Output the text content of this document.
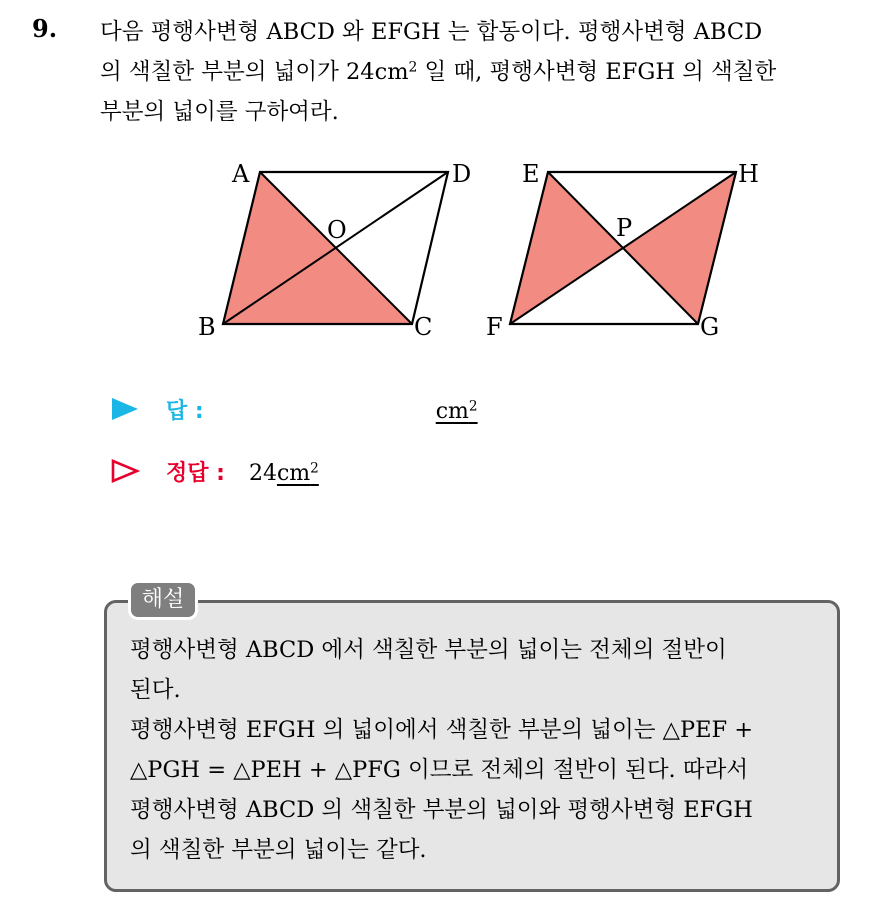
9. 다음 평행사변형 ABCD 와 EFGH 는 합동이다. 평행사변형 ABCD

의 색칠한 부분의 넓이가 $24cm^2$ 일 때, 평행사변형 EFGH 의 색칠한

부분의 넓이를 구하여라.

A	D
B	C
O
E	H
F	G
P
답 :	$cm^2$
정답 : 24 $cm^2$
해설

평행사변형 ABCD 에서 색칠한 부분의 넓이는 전체의 절반이

된다.

평행사변형 EFGH 의 넓이에서 색칠한 부분의 넓이는 △PEF +

△PGH = △PEH + △PFG 이므로 전체의 절반이 된다. 따라서

평행사변형 ABCD 의 색칠한 부분의 넓이와 평행사변형 EFGH

의 색칠한 부분의 넓이는 같다.
